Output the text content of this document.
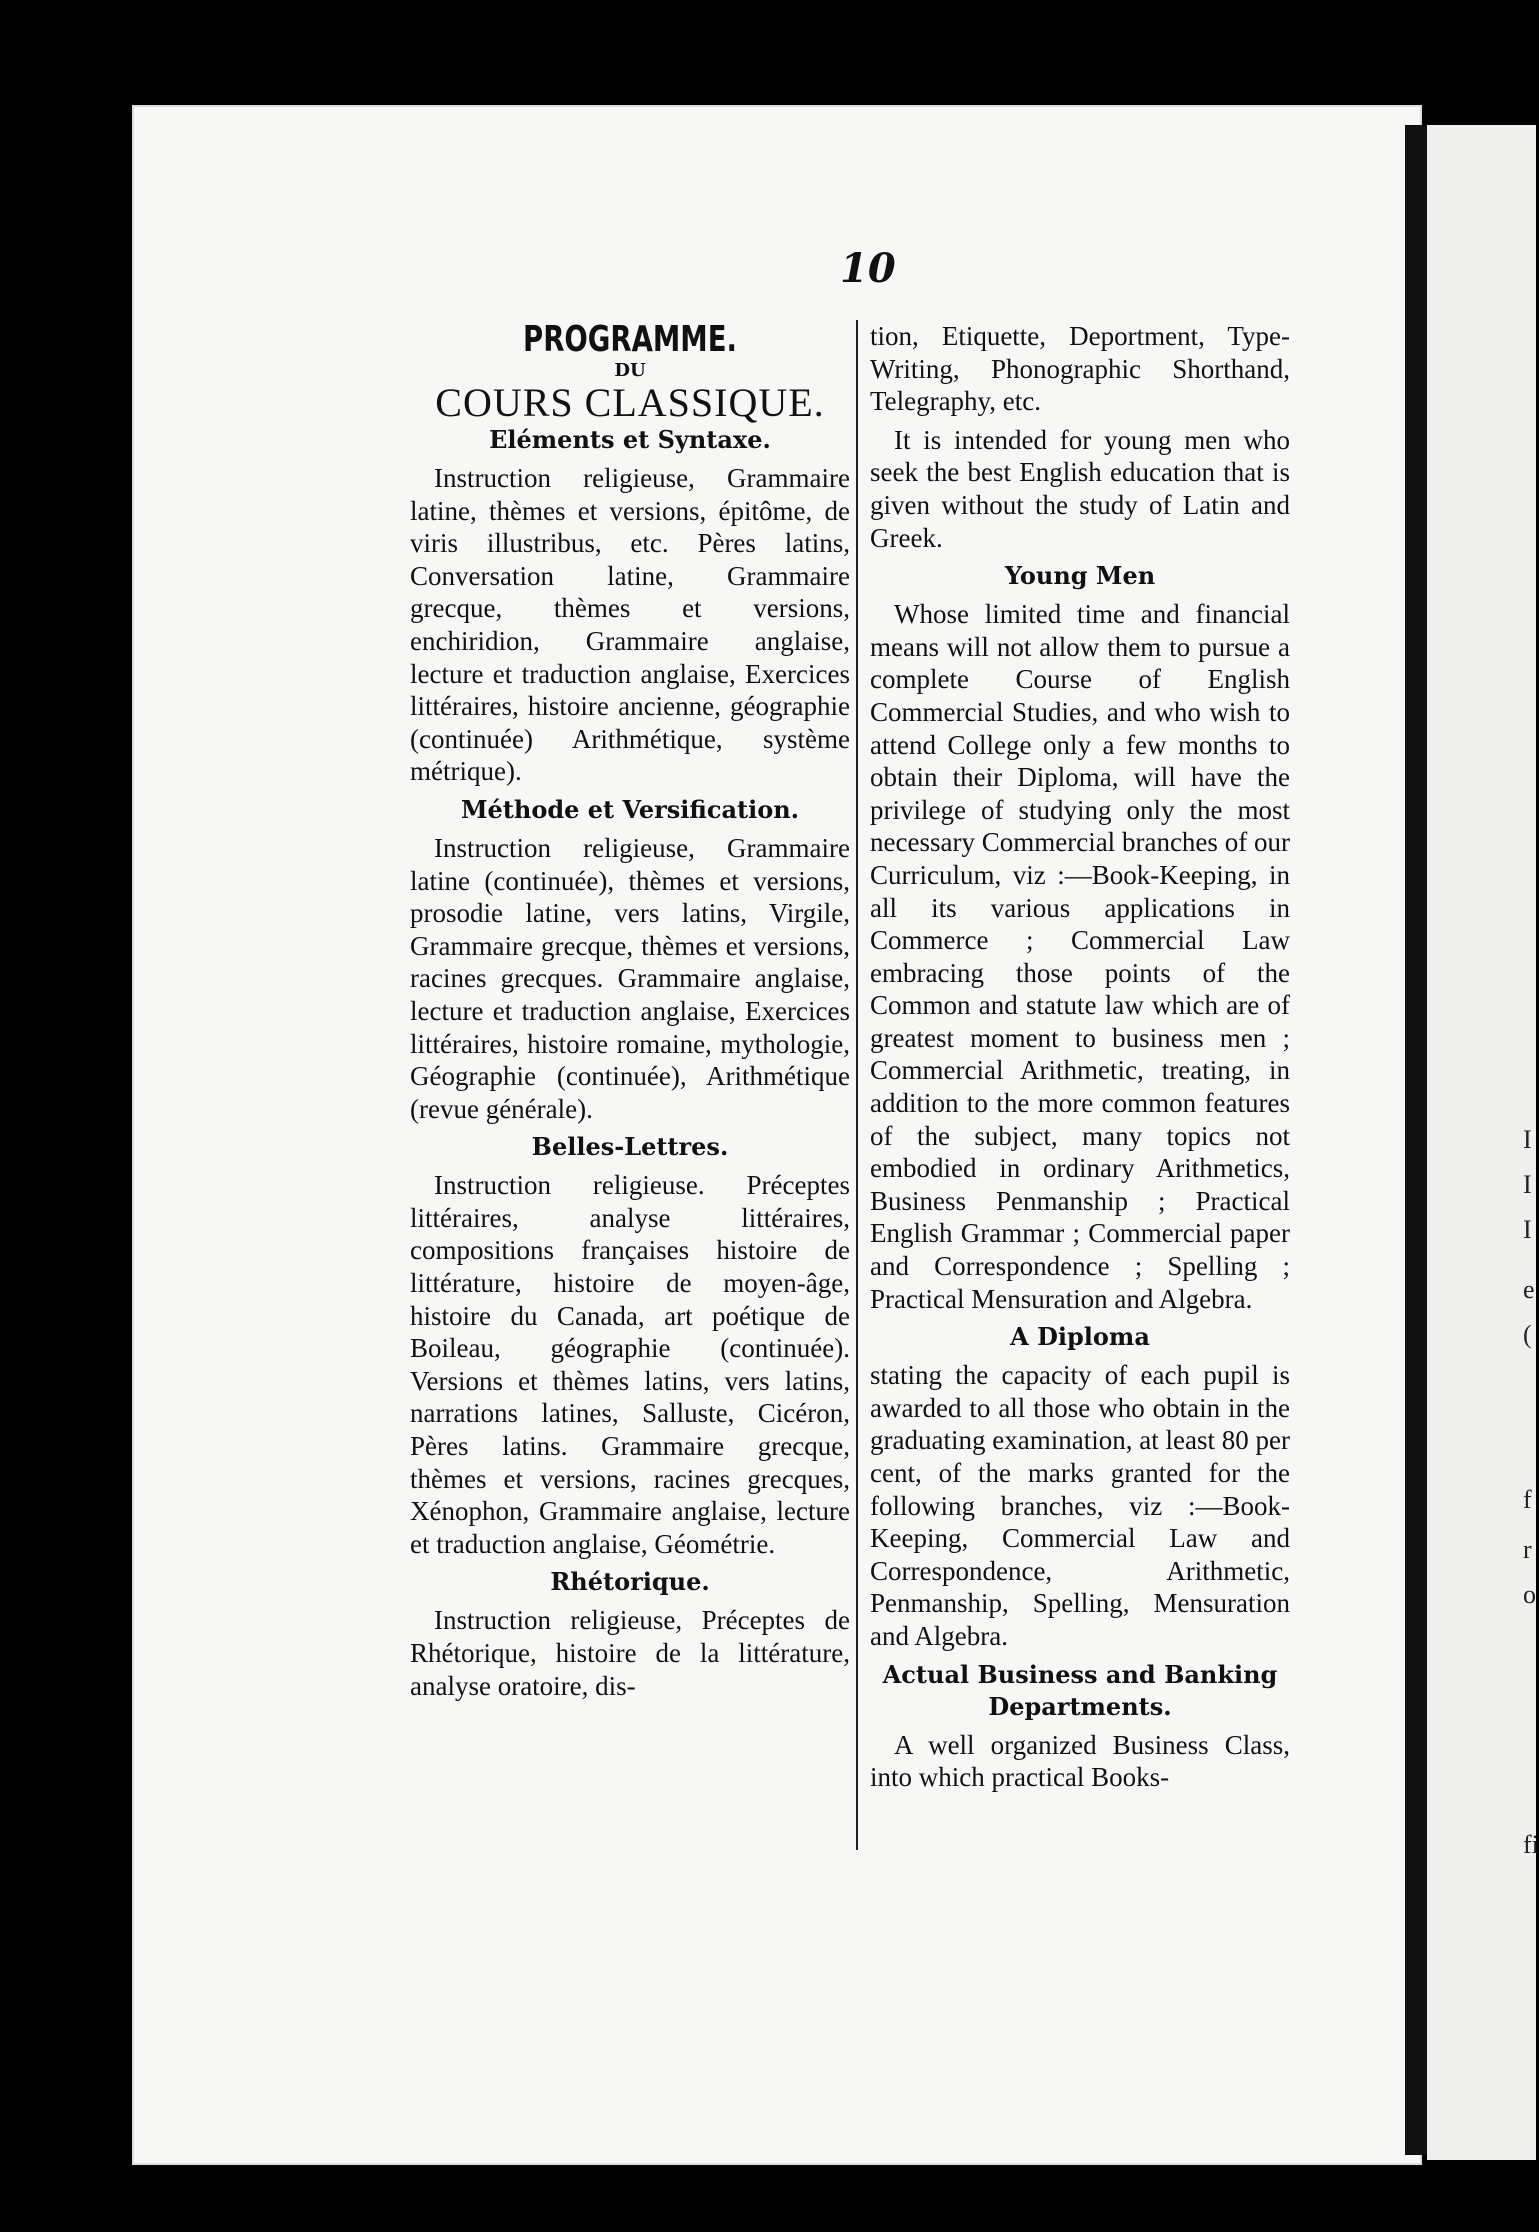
10
PROGRAMME.
DU
COURS CLASSIQUE.
Eléments et Syntaxe.

Instruction religieuse, Grammaire latine, thèmes et versions, épitôme, de viris illustribus, etc. Pères latins, Conversation latine, Grammaire grecque, thèmes et versions, enchiridion, Grammaire anglaise, lecture et traduction anglaise, Exercices littéraires, histoire ancienne, géographie (continuée) Arithmétique, système métrique).

Méthode et Versification.

Instruction religieuse, Grammaire latine (continuée), thèmes et versions, prosodie latine, vers latins, Virgile, Grammaire grecque, thèmes et versions, racines grecques. Grammaire anglaise, lecture et traduction anglaise, Exercices littéraires, histoire romaine, mythologie, Géographie (continuée), Arithmétique (revue générale).

Belles-Lettres.

Instruction religieuse. Préceptes littéraires, analyse littéraires, compositions françaises histoire de littérature, histoire de moyen-âge, histoire du Canada, art poétique de Boileau, géographie (continuée). Versions et thèmes latins, vers latins, narrations latines, Salluste, Cicéron, Pères latins. Grammaire grecque, thèmes et versions, racines grecques, Xénophon, Grammaire anglaise, lecture et traduction anglaise, Géométrie.

Rhétorique.

Instruction religieuse, Préceptes de Rhétorique, histoire de la littérature, analyse oratoire, dis-

tion, Etiquette, Deportment, Type-Writing, Phonographic Shorthand, Telegraphy, etc.

It is intended for young men who seek the best English education that is given without the study of Latin and Greek.

Young Men

Whose limited time and financial means will not allow them to pursue a complete Course of English Commercial Studies, and who wish to attend College only a few months to obtain their Diploma, will have the privilege of studying only the most necessary Commercial branches of our Curriculum, viz :—Book-Keeping, in all its various applications in Commerce ; Commercial Law embracing those points of the Common and statute law which are of greatest moment to business men ; Commercial Arithmetic, treating, in addition to the more common features of the subject, many topics not embodied in ordinary Arithmetics, Business Penmanship ; Practical English Grammar ; Commercial paper and Correspondence ; Spelling ; Practical Mensuration and Algebra.

A Diploma

stating the capacity of each pupil is awarded to all those who obtain in the graduating examination, at least 80 per cent, of the marks granted for the following branches, viz :—Book-Keeping, Commercial Law and Correspondence, Arithmetic, Penmanship, Spelling, Mensuration and Algebra.

Actual Business and Banking Departments.

A well organized Business Class, into which practical Books-

I
I
I
e
(
f
r
o
fi
